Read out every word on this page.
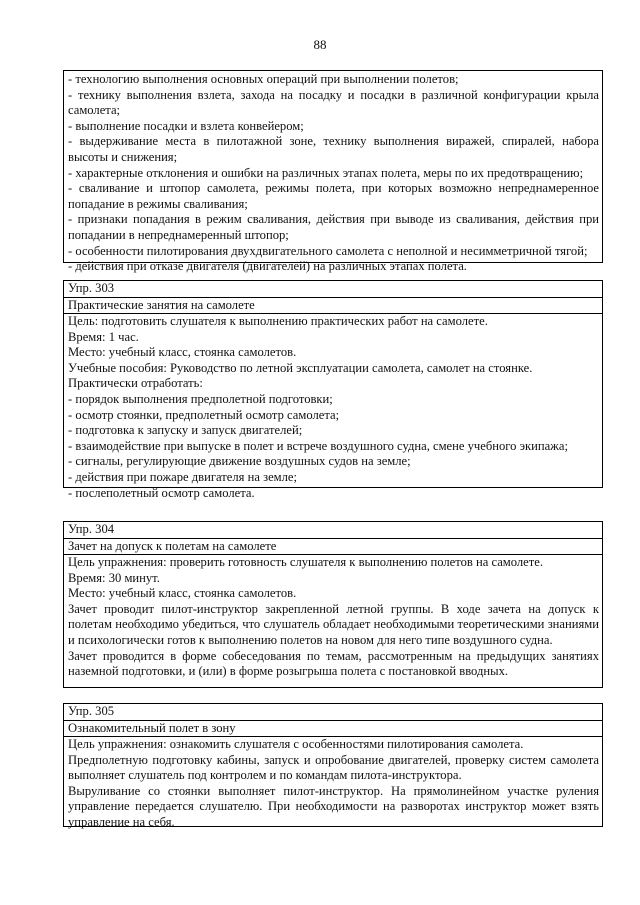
88
- технологию выполнения основных операций при выполнении полетов;
- технику выполнения взлета, захода на посадку и посадки в различной конфигурации крыла самолета;
- выполнение посадки и взлета конвейером;
- выдерживание места в пилотажной зоне, технику выполнения виражей, спиралей, набора высоты и снижения;
- характерные отклонения и ошибки на различных этапах полета, меры по их предотвращению;
- сваливание и штопор самолета, режимы полета, при которых возможно непреднамеренное попадание в режимы сваливания;
- признаки попадания в режим сваливания, действия при выводе из сваливания, действия при попадании в непреднамеренный штопор;
- особенности пилотирования двухдвигательного самолета с неполной и несимметричной тягой;
- действия при отказе двигателя (двигателей) на различных этапах полета.
Упр. 303
Практические занятия на самолете
Цель: подготовить слушателя к выполнению практических работ на самолете.
Время: 1 час.
Место: учебный класс, стоянка самолетов.
Учебные пособия: Руководство по летной эксплуатации самолета, самолет на стоянке.
Практически отработать:
- порядок выполнения предполетной подготовки;
- осмотр стоянки, предполетный осмотр самолета;
- подготовка к запуску и запуск двигателей;
- взаимодействие при выпуске в полет и встрече воздушного судна, смене учебного экипажа;
- сигналы, регулирующие движение воздушных судов на земле;
- действия при пожаре двигателя на земле;
- послеполетный осмотр самолета.
Упр. 304
Зачет на допуск к полетам на самолете
Цель упражнения: проверить готовность слушателя к выполнению полетов на самолете.
Время: 30 минут.
Место: учебный класс, стоянка самолетов.
Зачет проводит пилот-инструктор закрепленной летной группы. В ходе зачета на допуск к полетам необходимо убедиться, что слушатель обладает необходимыми теоретическими знаниями и психологически готов к выполнению полетов на новом для него типе воздушного судна.
Зачет проводится в форме собеседования по темам, рассмотренным на предыдущих занятиях наземной подготовки, и (или) в форме розыгрыша полета с постановкой вводных.
Упр. 305
Ознакомительный полет в зону
Цель упражнения: ознакомить слушателя с особенностями пилотирования самолета.
Предполетную подготовку кабины, запуск и опробование двигателей, проверку систем самолета выполняет слушатель под контролем и по командам пилота-инструктора.
Выруливание со стоянки выполняет пилот-инструктор. На прямолинейном участке руления управление передается слушателю. При необходимости на разворотах инструктор может взять управление на себя.
